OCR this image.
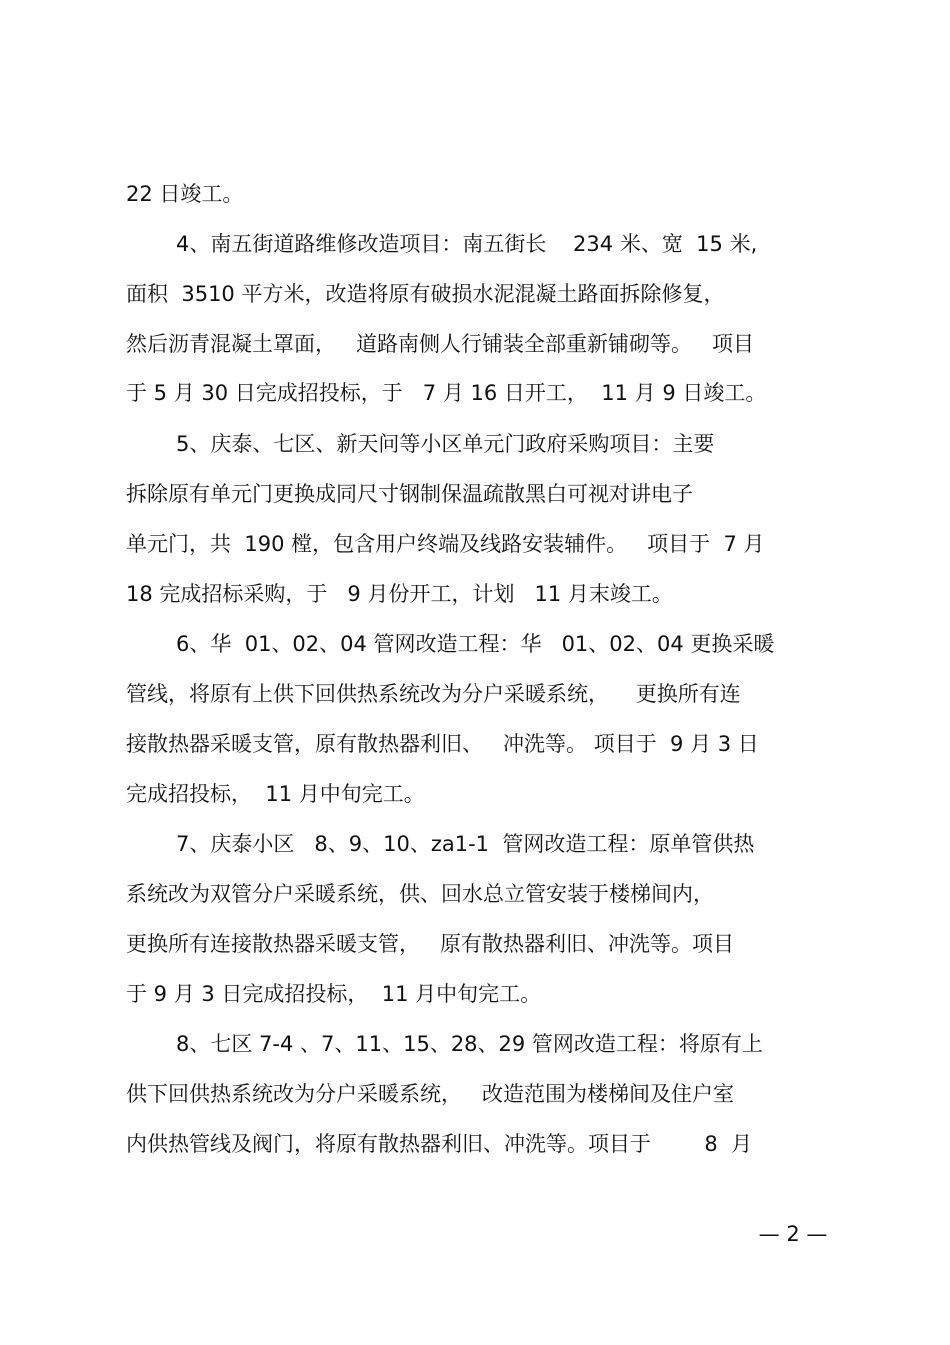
22 日竣工。
4、南五街道路维修改造项目：南五街长    234 米、宽  15 米,
面积  3510 平方米，改造将原有破损水泥混凝土路面拆除修复，
然后沥青混凝土罩面，   道路南侧人行铺装全部重新铺砌等。   项目
于 5 月 30 日完成招投标，于   7 月 16 日开工，  11 月 9 日竣工。
5、庆泰、七区、新天问等小区单元门政府采购项目：主要
拆除原有单元门更换成同尺寸钢制保温疏散黑白可视对讲电子
单元门，共  190 樘，包含用户终端及线路安装辅件。   项目于  7 月
18 完成招标采购，于   9 月份开工，计划   11 月末竣工。
6、华  01、02、04 管网改造工程：华   01、02、04 更换采暖
管线，将原有上供下回供热系统改为分户采暖系统，    更换所有连
接散热器采暖支管，原有散热器利旧、   冲洗等。 项目于  9 月 3 日
完成招投标，  11 月中旬完工。
7、庆泰小区   8、9、10、za1-1  管网改造工程：原单管供热
系统改为双管分户采暖系统，供、回水总立管安装于楼梯间内，
更换所有连接散热器采暖支管，   原有散热器利旧、冲洗等。项目
于 9 月 3 日完成招投标，  11 月中旬完工。
8、七区 7-4 、7、11、15、28、29 管网改造工程：将原有上
供下回供热系统改为分户采暖系统，   改造范围为楼梯间及住户室
内供热管线及阀门，将原有散热器利旧、冲洗等。项目于        8  月
— 2 —
